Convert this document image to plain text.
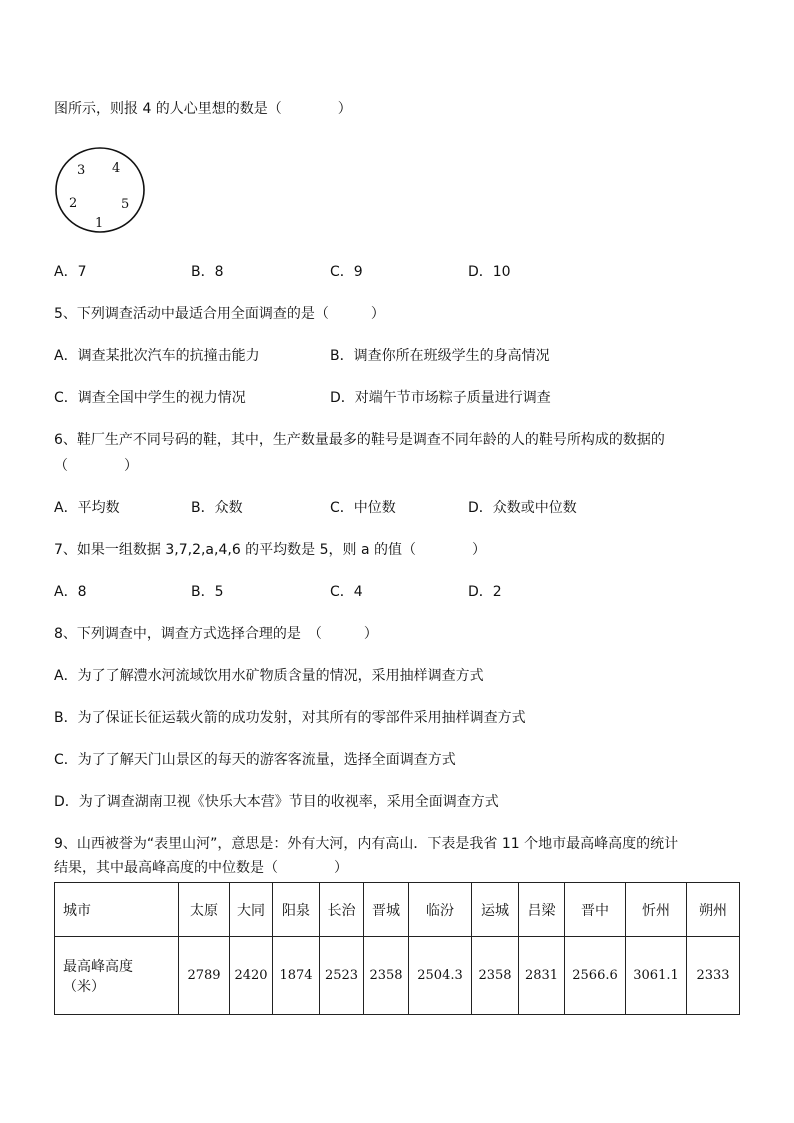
图所示，则报 4 的人心里想的数是（　　　　）
3 4
2	5
1
A．7	B．8	C．9	D．10
5、下列调查活动中最适合用全面调查的是（　　　）
A．调查某批次汽车的抗撞击能力	B．调查你所在班级学生的身高情况
C．调查全国中学生的视力情况	D．对端午节市场粽子质量进行调查
6、鞋厂生产不同号码的鞋，其中，生产数量最多的鞋号是调查不同年龄的人的鞋号所构成的数据的
（　　　　）
A．平均数	B．众数	C．中位数	D．众数或中位数
7、如果一组数据 3,7,2,a,4,6 的平均数是 5，则 a 的值（　　　　）
A．8	B．5	C．4	D．2
8、下列调查中，调查方式选择合理的是　（　　　）
A．为了了解澧水河流域饮用水矿物质含量的情况，采用抽样调查方式
B．为了保证长征运载火箭的成功发射，对其所有的零部件采用抽样调查方式
C．为了了解天门山景区的每天的游客客流量，选择全面调查方式
D．为了调查湖南卫视《快乐大本营》节目的收视率，采用全面调查方式
9、山西被誉为“表里山河”，意思是：外有大河，内有高山．下表是我省 11 个地市最高峰高度的统计
结果，其中最高峰高度的中位数是（　　　　）
城市	太原	大同	阳泉	长治	晋城	临汾	运城	吕梁	晋中	忻州	朔州

最高峰高度
（米）	2789	2420	1874	2523	2358	2504.3	2358	2831	2566.6	3061.1	2333
